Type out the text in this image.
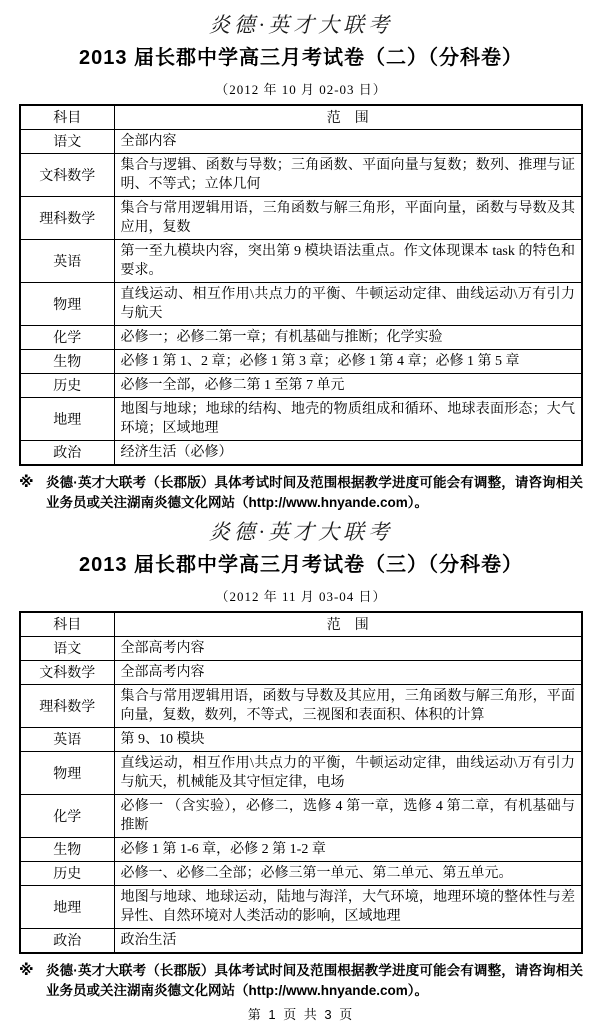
炎德·英才大联考
2013 届长郡中学高三月考试卷（二）（分科卷）
（2012 年 10 月 02-03 日）
科目	范　围
语文	全部内容
文科数学	集合与逻辑、函数与导数；三角函数、平面向量与复数；数列、推理与证明、不等式；立体几何
理科数学	集合与常用逻辑用语，三角函数与解三角形，平面向量，函数与导数及其应用，复数
英语	第一至九模块内容，突出第 9 模块语法重点。作文体现课本 task 的特色和要求。
物理	直线运动、相互作用\共点力的平衡、牛顿运动定律、曲线运动\万有引力与航天
化学	必修一；必修二第一章；有机基础与推断；化学实验
生物	必修 1 第 1、2 章；必修 1 第 3 章；必修 1 第 4 章；必修 1 第 5 章
历史	必修一全部，必修二第 1 至第 7 单元
地理	地图与地球；地球的结构、地壳的物质组成和循环、地球表面形态；大气环境；区域地理
政治	经济生活（必修）
※ 炎德·英才大联考（长郡版）具体考试时间及范围根据教学进度可能会有调整，请咨询相关业务员或关注湖南炎德文化网站（http://www.hnyande.com）。
炎德·英才大联考
2013 届长郡中学高三月考试卷（三）（分科卷）
（2012 年 11 月 03-04 日）
科目	范　围
语文	全部高考内容
文科数学	全部高考内容
理科数学	集合与常用逻辑用语，函数与导数及其应用，三角函数与解三角形，平面向量，复数，数列，不等式，三视图和表面积、体积的计算
英语	第 9、10 模块
物理	直线运动，相互作用\共点力的平衡，牛顿运动定律，曲线运动\万有引力与航天，机械能及其守恒定律，电场
化学	必修一 （含实验），必修二，选修 4 第一章，选修 4 第二章，有机基础与推断
生物	必修 1 第 1-6 章，必修 2 第 1-2 章
历史	必修一、必修二全部；必修三第一单元、第二单元、第五单元。
地理	地图与地球、地球运动，陆地与海洋，大气环境，地理环境的整体性与差异性、自然环境对人类活动的影响，区域地理
政治	政治生活
※ 炎德·英才大联考（长郡版）具体考试时间及范围根据教学进度可能会有调整，请咨询相关业务员或关注湖南炎德文化网站（http://www.hnyande.com）。
第 1 页 共 3 页
